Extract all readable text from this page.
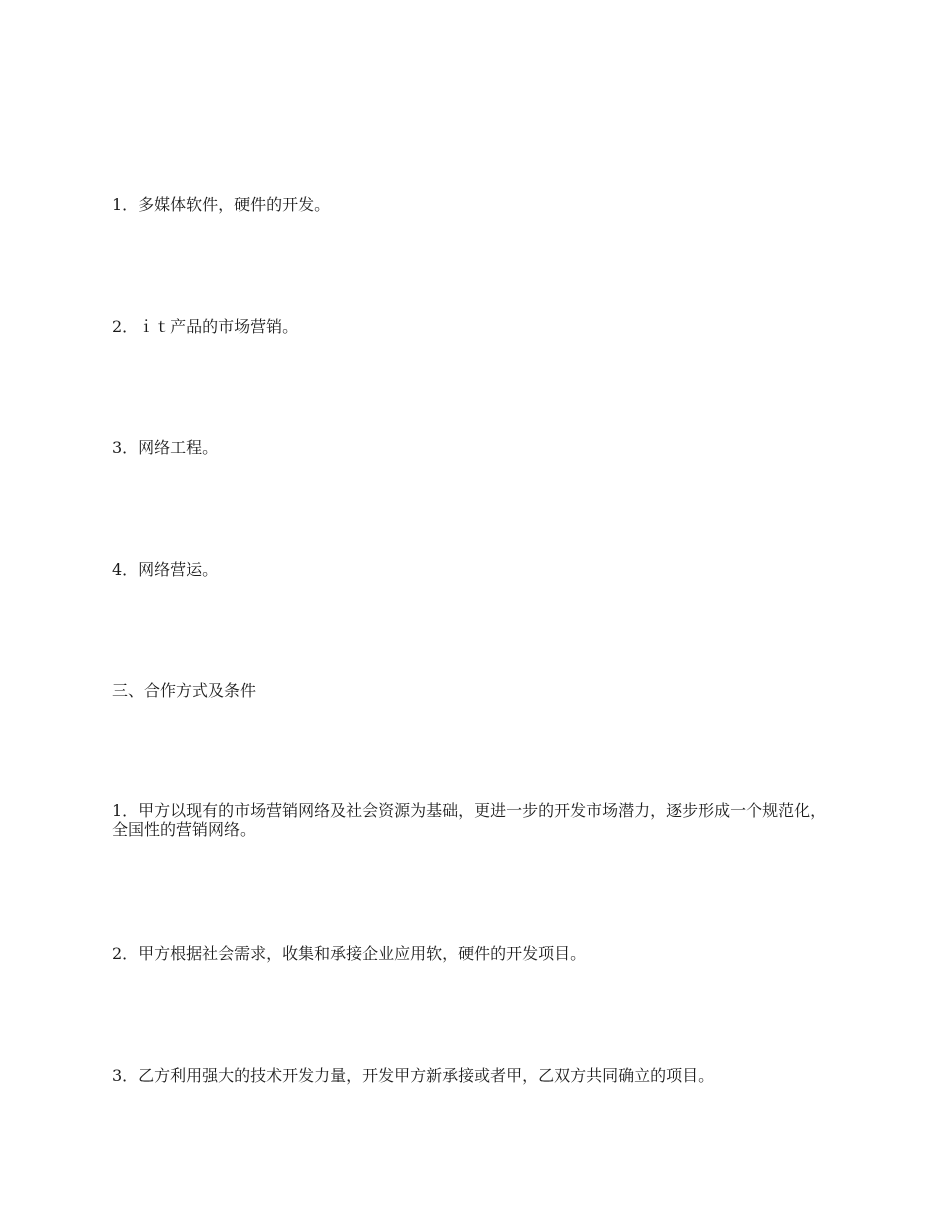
1．多媒体软件，硬件的开发。

2．ｉｔ产品的市场营销。

3．网络工程。

4．网络营运。

三、合作方式及条件

1．甲方以现有的市场营销网络及社会资源为基础，更进一步的开发市场潜力，逐步形成一个规范化，全国性的营销网络。

2．甲方根据社会需求，收集和承接企业应用软，硬件的开发项目。

3．乙方利用强大的技术开发力量，开发甲方新承接或者甲，乙双方共同确立的项目。
